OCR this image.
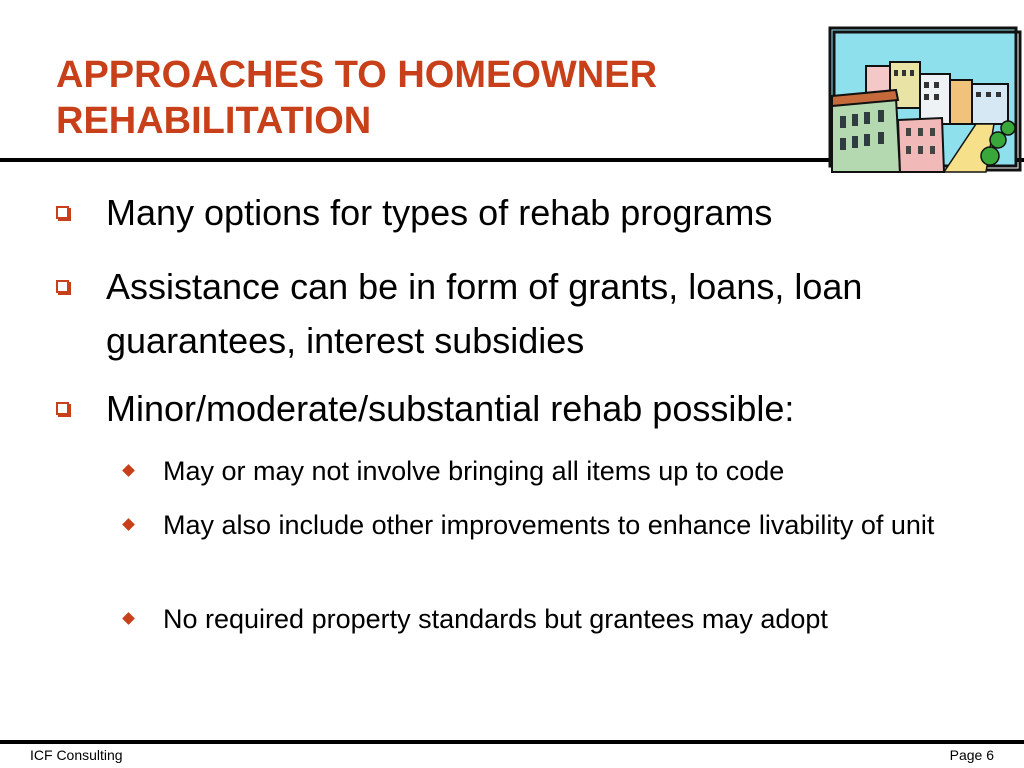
APPROACHES TO HOMEOWNER
REHABILITATION
Many options for types of rehab programs
Assistance can be in form of grants, loans, loan guarantees, interest subsidies
Minor/moderate/substantial rehab possible:
May or may not involve bringing all items up to code
May also include other improvements to enhance livability of unit
No required property standards but grantees may adopt
ICF Consulting	Page 6
